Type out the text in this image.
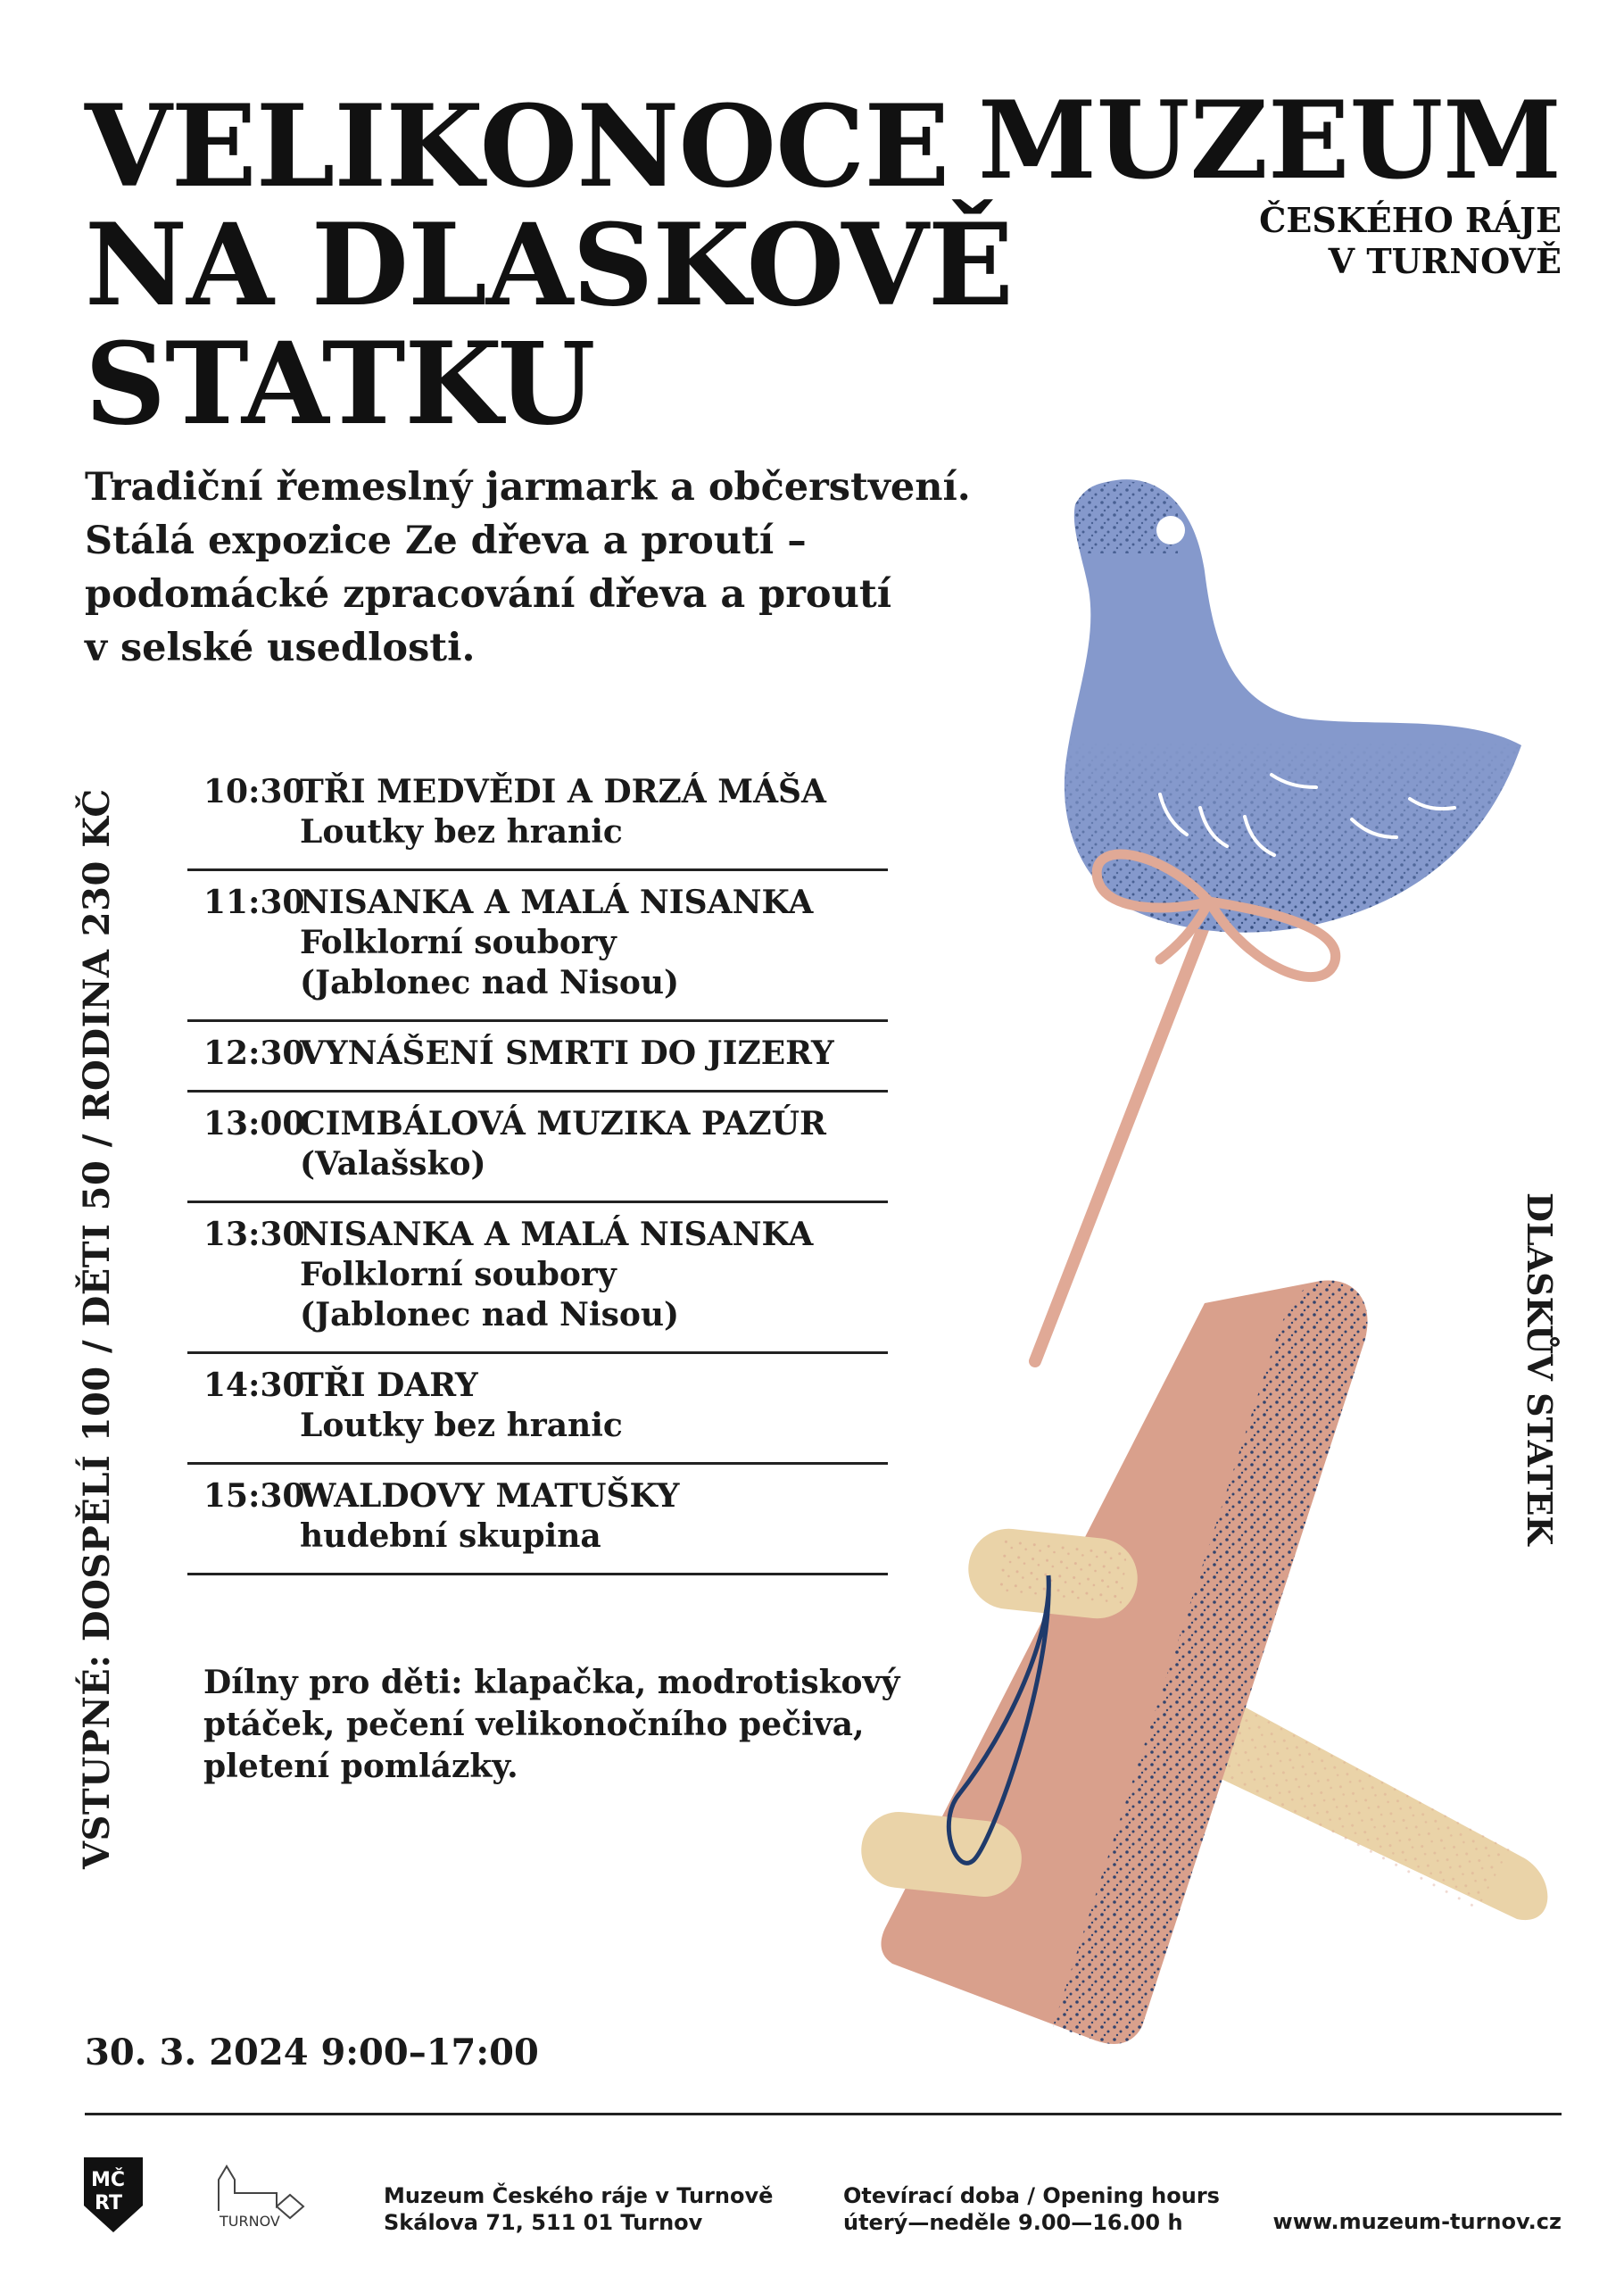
VELIKONOCE
NA DLASKOVĚ
STATKU
MUZEUM
ČESKÉHO RÁJE
V TURNOVĚ
Tradiční řemeslný jarmark a občerstvení.
Stálá expozice Ze dřeva a proutí –
podomácké zpracování dřeva a proutí
v selské usedlosti.
VSTUPNÉ: DOSPĚLÍ 100 / DĚTI 50 / RODINA 230 KČ	DLASKŮV STATEK
10:30
TŘI MEDVĚDI A DRZÁ MÁŠA
Loutky bez hranic
11:30
NISANKA A MALÁ NISANKA
Folklorní soubory
(Jablonec nad Nisou)
12:30
VYNÁŠENÍ SMRTI DO JIZERY
13:00
CIMBÁLOVÁ MUZIKA PAZÚR
(Valašsko)
13:30
NISANKA A MALÁ NISANKA
Folklorní soubory
(Jablonec nad Nisou)
14:30
TŘI DARY
Loutky bez hranic
15:30
WALDOVY MATUŠKY
hudební skupina
Dílny pro děti: klapačka, modrotiskový
ptáček, pečení velikonočního pečiva,
pletení pomlázky.
30. 3. 2024 9:00–17:00
MČ
RT
TURNOV
Muzeum Českého ráje v Turnově
Skálova 71, 511 01 Turnov
Otevírací doba / Opening hours
úterý—neděle 9.00—16.00 h	www.muzeum-turnov.cz
